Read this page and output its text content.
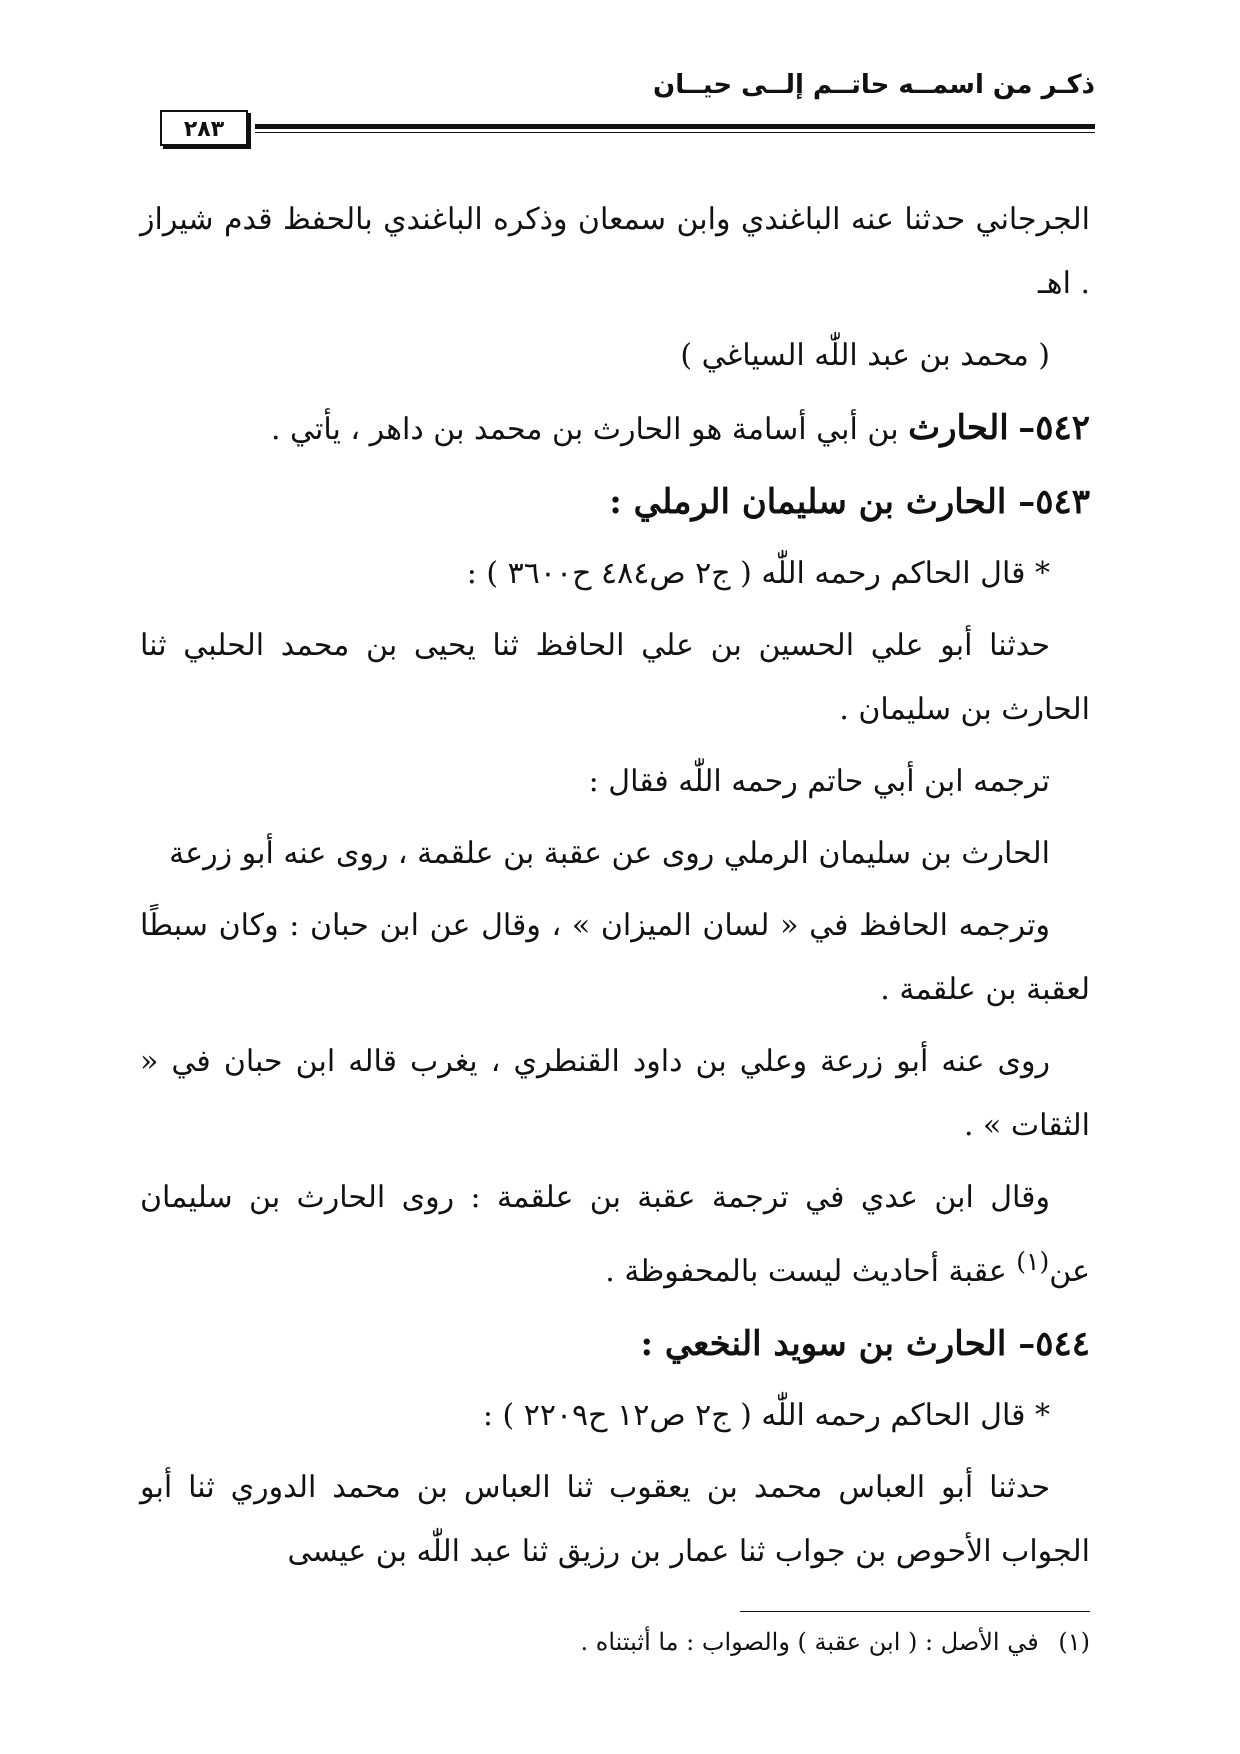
ذكـر من اسمــه حاتــم إلــى حيــان
٢٨٣

الجرجاني حدثنا عنه الباغندي وابن سمعان وذكره الباغندي بالحفظ قدم شيراز . اهـ

( محمد بن عبد اللّٰه السياغي )

٥٤٢– الحارث بن أبي أسامة هو الحارث بن محمد بن داهر ، يأتي .

٥٤٣– الحارث بن سليمان الرملي :

* قال الحاكم رحمه اللّٰه ( ج٢ ص٤٨٤ ح٣٦٠٠ ) :

حدثنا أبو علي الحسين بن علي الحافظ ثنا يحيى بن محمد الحلبي ثنا الحارث بن سليمان .

ترجمه ابن أبي حاتم رحمه اللّٰه فقال :

الحارث بن سليمان الرملي روى عن عقبة بن علقمة ، روى عنه أبو زرعة

وترجمه الحافظ في « لسان الميزان » ، وقال عن ابن حبان : وكان سبطًا لعقبة بن علقمة .

روى عنه أبو زرعة وعلي بن داود القنطري ، يغرب قاله ابن حبان في « الثقات » .

وقال ابن عدي في ترجمة عقبة بن علقمة : روى الحارث بن سليمان عن$^{(١)}$ عقبة أحاديث ليست بالمحفوظة .

٥٤٤– الحارث بن سويد النخعي :

* قال الحاكم رحمه اللّٰه ( ج٢ ص١٢ ح٢٢٠٩ ) :

حدثنا أبو العباس محمد بن يعقوب ثنا العباس بن محمد الدوري ثنا أبو الجواب الأحوص بن جواب ثنا عمار بن رزيق ثنا عبد اللّٰه بن عيسى

(١) في الأصل : ( ابن عقبة ) والصواب : ما أثبتناه .
